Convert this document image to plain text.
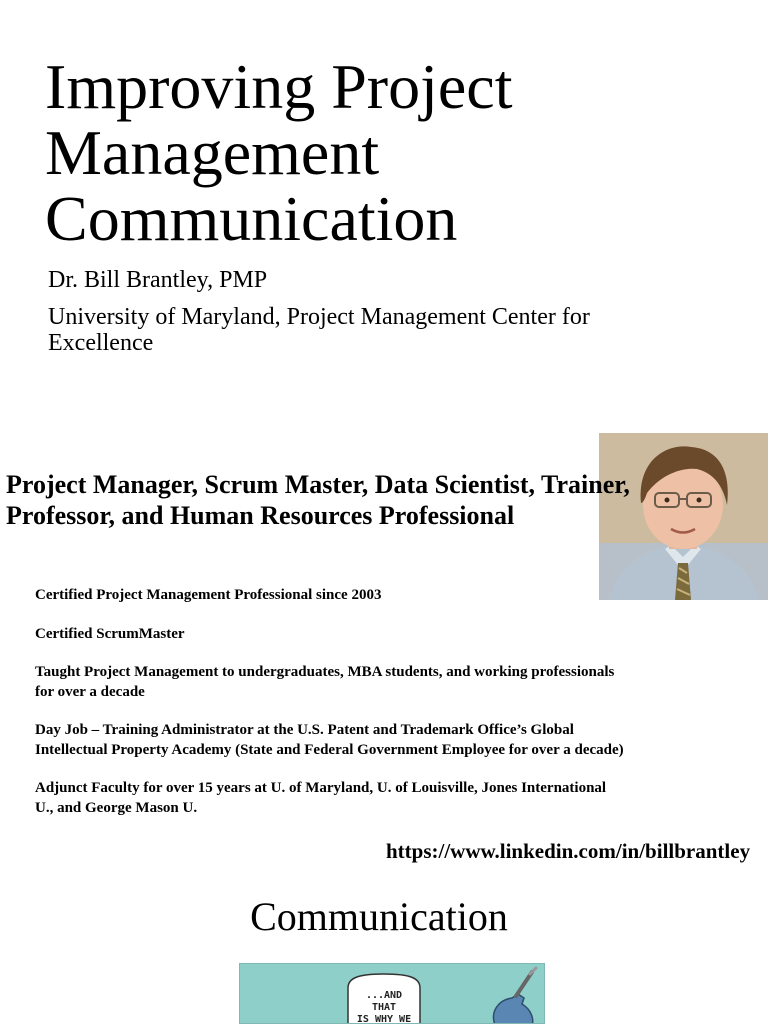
Improving Project Management Communication

Dr. Bill Brantley, PMP

University of Maryland, Project Management Center for Excellence

Project Manager, Scrum Master, Data Scientist, Trainer, Professor, and Human Resources Professional
Certified Project Management Professional since 2003
Certified ScrumMaster
Taught Project Management to undergraduates, MBA students, and working professionals for over a decade
Day Job – Training Administrator at the U.S. Patent and Trademark Office’s Global Intellectual Property Academy (State and Federal Government Employee for over a decade)
Adjunct Faculty for over 15 years at U. of Maryland, U. of Louisville, Jones International U., and George Mason U.
https://www.linkedin.com/in/billbrantley
Communication
...AND THAT
IS WHY WE
